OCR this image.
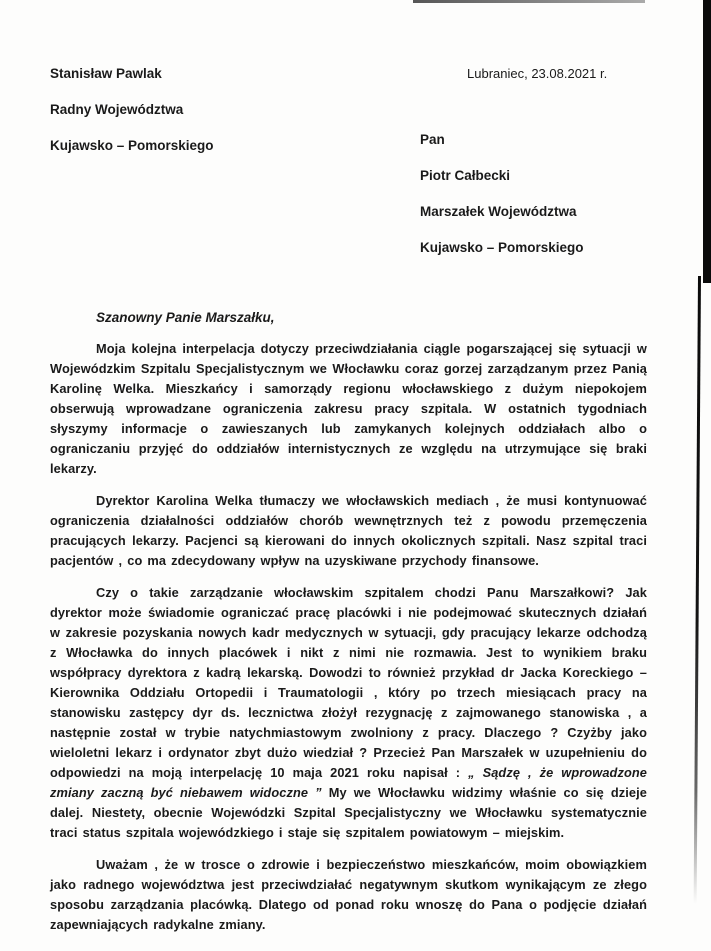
Stanisław Pawlak
Radny Województwa
Kujawsko – Pomorskiego
Lubraniec, 23.08.2021 r.
Pan
Piotr Całbecki
Marszałek Województwa
Kujawsko – Pomorskiego

Szanowny Panie Marszałku,

Moja kolejna interpelacja dotyczy przeciwdziałania ciągle pogarszającej się sytuacji w Wojewódzkim Szpitalu Specjalistycznym we Włocławku coraz gorzej zarządzanym przez Panią Karolinę Welka. Mieszkańcy i samorządy regionu włocławskiego z dużym niepokojem obserwują wprowadzane ograniczenia zakresu pracy szpitala. W ostatnich tygodniach słyszymy informacje o zawieszanych lub zamykanych kolejnych oddziałach albo o ograniczaniu przyjęć do oddziałów internistycznych ze względu na utrzymujące się braki lekarzy.

Dyrektor Karolina Welka tłumaczy we włocławskich mediach , że musi kontynuować ograniczenia działalności oddziałów chorób wewnętrznych też z powodu przemęczenia pracujących lekarzy. Pacjenci są kierowani do innych okolicznych szpitali. Nasz szpital traci pacjentów , co ma zdecydowany wpływ na uzyskiwane przychody finansowe.

Czy o takie zarządzanie włocławskim szpitalem chodzi Panu Marszałkowi? Jak dyrektor może świadomie ograniczać pracę placówki i nie podejmować skutecznych działań w zakresie pozyskania nowych kadr medycznych w sytuacji, gdy pracujący lekarze odchodzą z Włocławka do innych placówek i nikt z nimi nie rozmawia. Jest to wynikiem braku współpracy dyrektora z kadrą lekarską. Dowodzi to również przykład dr Jacka Koreckiego – Kierownika Oddziału Ortopedii i Traumatologii , który po trzech miesiącach pracy na stanowisku zastępcy dyr ds. lecznictwa złożył rezygnację z zajmowanego stanowiska , a następnie został w trybie natychmiastowym zwolniony z pracy. Dlaczego ? Czyżby jako wieloletni lekarz i ordynator zbyt dużo wiedział ? Przecież Pan Marszałek w uzupełnieniu do odpowiedzi na moją interpelację 10 maja 2021 roku napisał : „ Sądzę , że wprowadzone zmiany zaczną być niebawem widoczne ” My we Włocławku widzimy właśnie co się dzieje dalej. Niestety, obecnie Wojewódzki Szpital Specjalistyczny we Włocławku systematycznie traci status szpitala wojewódzkiego i staje się szpitalem powiatowym – miejskim.

Uważam , że w trosce o zdrowie i bezpieczeństwo mieszkańców, moim obowiązkiem jako radnego województwa jest przeciwdziałać negatywnym skutkom wynikającym ze złego sposobu zarządzania placówką. Dlatego od ponad roku wnoszę do Pana o podjęcie działań zapewniających radykalne zmiany.
